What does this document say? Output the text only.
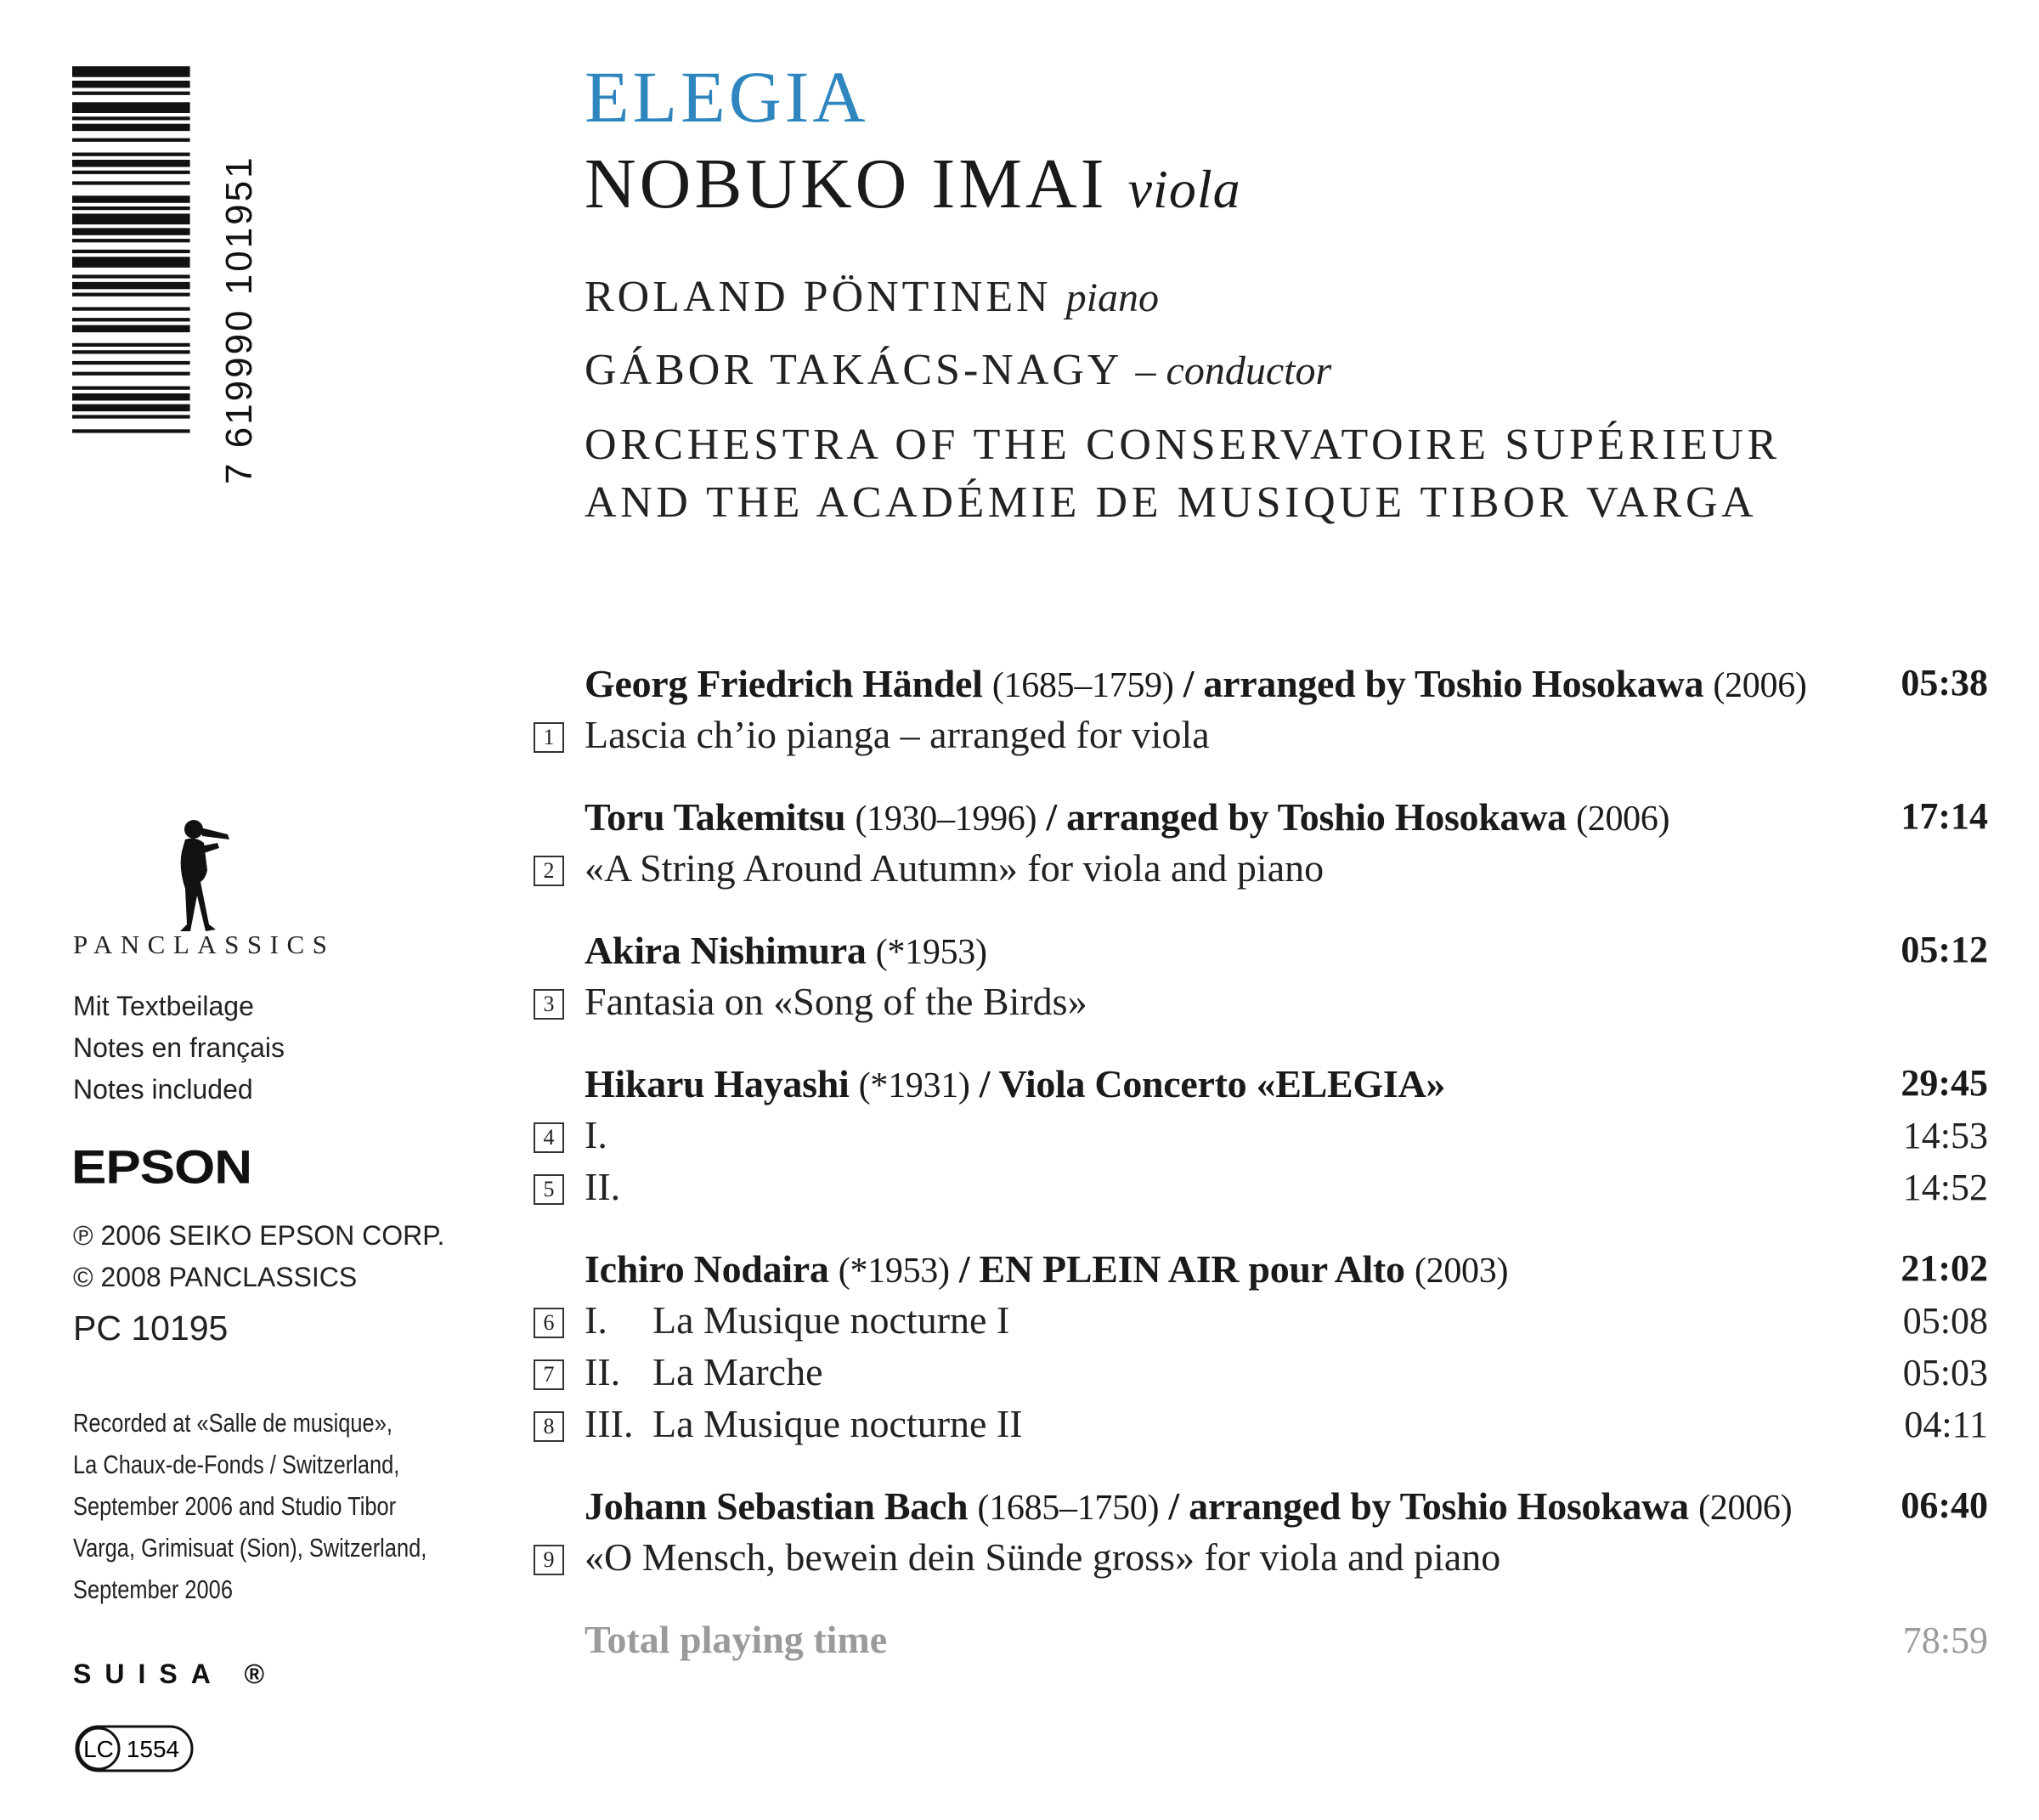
7 619990 101951
PANCLASSICS
Mit Textbeilage
Notes en français
Notes included
EPSON
℗ 2006 SEIKO EPSON CORP.
© 2008 PANCLASSICS
PC 10195
Recorded at «Salle de musique»,
La Chaux-de-Fonds / Switzerland,
September 2006 and Studio Tibor
Varga, Grimisuat (Sion), Switzerland,
September 2006
SUISA ®
LC 1554
ELEGIA
NOBUKO IMAI viola
ROLAND PÖNTINEN piano
GÁBOR TAKÁCS-NAGY – conductor
ORCHESTRA OF THE CONSERVATOIRE SUPÉRIEUR
AND THE ACADÉMIE DE MUSIQUE TIBOR VARGA
Georg Friedrich Händel (1685–1759) / arranged by Toshio Hosokawa (2006)	05:38
1 Lascia ch’io pianga – arranged for viola
Toru Takemitsu (1930–1996) / arranged by Toshio Hosokawa (2006)	17:14
2 «A String Around Autumn» for viola and piano
Akira Nishimura (*1953)	05:12
3 Fantasia on «Song of the Birds»
Hikaru Hayashi (*1931) / Viola Concerto «ELEGIA»	29:45
4 I.	14:53
5 II.	14:52
Ichiro Nodaira (*1953) / EN PLEIN AIR pour Alto (2003)	21:02
6 I. La Musique nocturne I	05:08
7 II. La Marche	05:03
8 III. La Musique nocturne II	04:11
Johann Sebastian Bach (1685–1750) / arranged by Toshio Hosokawa (2006)	06:40
9 «O Mensch, bewein dein Sünde gross» for viola and piano
Total playing time	78:59
